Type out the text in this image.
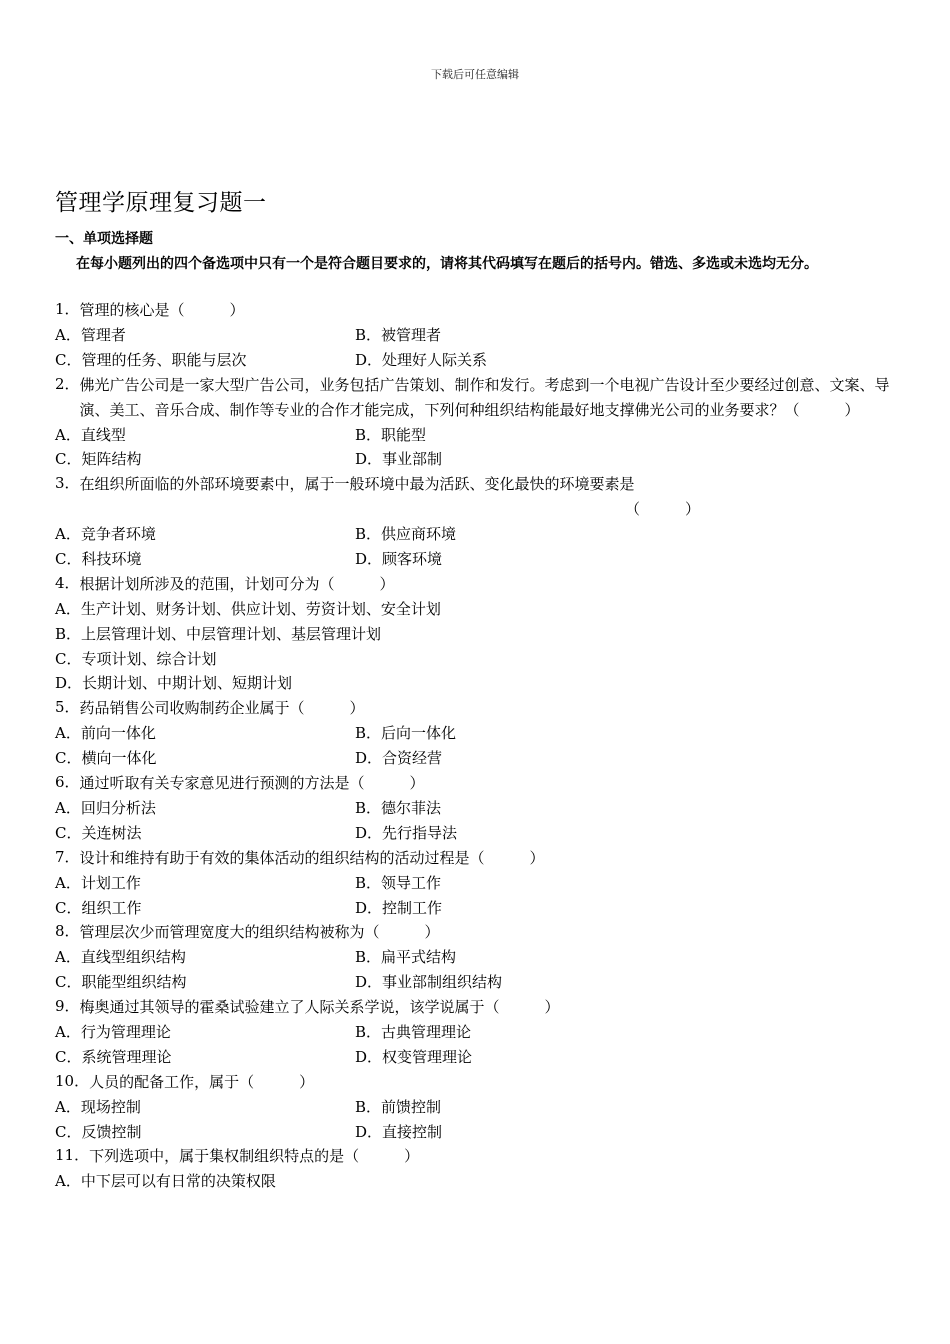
下载后可任意编辑
管理学原理复习题一
一、单项选择题
在每小题列出的四个备选项中只有一个是符合题目要求的，请将其代码填写在题后的括号内。错选、多选或未选均无分。
1． 管理的核心是（　　　）
A．管理者	B．被管理者
C．管理的任务、职能与层次	D．处理好人际关系
2． 佛光广告公司是一家大型广告公司，业务包括广告策划、制作和发行。考虑到一个电视广告设计至少要经过创意、文案、导演、美工、音乐合成、制作等专业的合作才能完成，下列何种组织结构能最好地支撑佛光公司的业务要求？（　　　）
A．直线型	B．职能型
C．矩阵结构	D．事业部制
3． 在组织所面临的外部环境要素中，属于一般环境中最为活跃、变化最快的环境要素是
（　　　）
A．竞争者环境	B．供应商环境
C．科技环境	D．顾客环境
4． 根据计划所涉及的范围，计划可分为（　　　）
A．生产计划、财务计划、供应计划、劳资计划、安全计划
B．上层管理计划、中层管理计划、基层管理计划
C．专项计划、综合计划
D．长期计划、中期计划、短期计划
5． 药品销售公司收购制药企业属于（　　　）
A．前向一体化	B．后向一体化
C．横向一体化	D．合资经营
6． 通过听取有关专家意见进行预测的方法是（　　　）
A．回归分析法	B．德尔菲法
C．关连树法	D．先行指导法
7． 设计和维持有助于有效的集体活动的组织结构的活动过程是（　　　）
A．计划工作	B．领导工作
C．组织工作	D．控制工作
8． 管理层次少而管理宽度大的组织结构被称为（　　　）
A．直线型组织结构	B．扁平式结构
C．职能型组织结构	D．事业部制组织结构
9． 梅奥通过其领导的霍桑试验建立了人际关系学说，该学说属于（　　　）
A．行为管理理论	B．古典管理理论
C．系统管理理论	D．权变管理理论
10． 人员的配备工作，属于（　　　）
A．现场控制	B．前馈控制
C．反馈控制	D．直接控制
11． 下列选项中，属于集权制组织特点的是（　　　）
A．中下层可以有日常的决策权限
